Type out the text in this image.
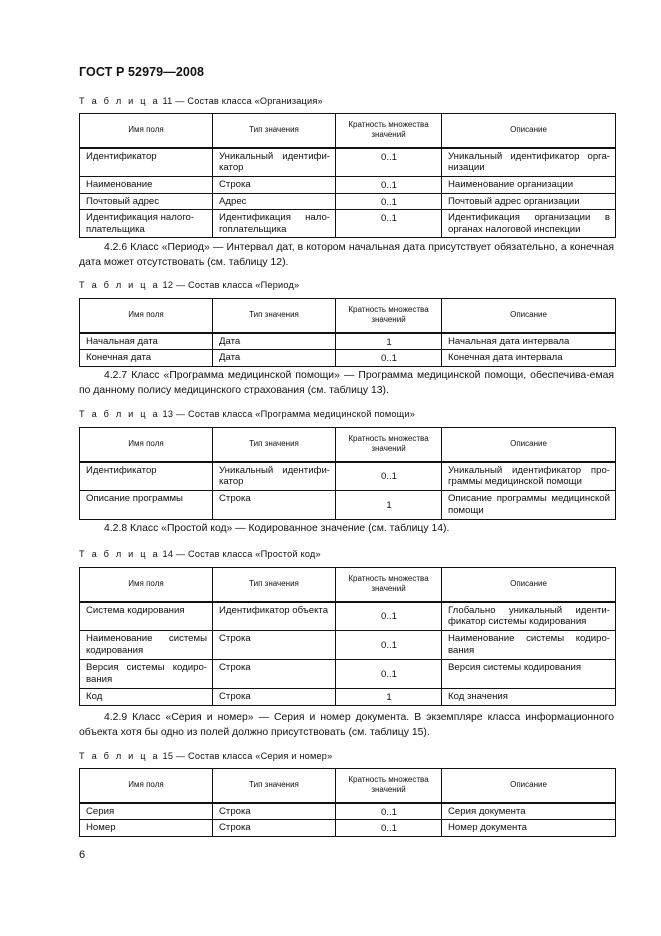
ГОСТ Р 52979—2008
Т а б л и ц а 11 — Состав класса «Организация»
Имя поля	Тип значения	Кратность множества значений	Описание
Идентификатор	Уникальный идентифи-катор	0..1	Уникальный идентификатор орга-низации
Наименование	Строка	0..1	Наименование организации
Почтовый адрес	Адрес	0..1	Почтовый адрес организации
Идентификация налого-плательщика	Идентификация нало-гоплательщика	0..1	Идентификация организации в органах налоговой инспекции

4.2.6 Класс «Период» — Интервал дат, в котором начальная дата присутствует обязательно, а конечная дата может отсутствовать (см. таблицу 12).

Т а б л и ц а 12 — Состав класса «Период»
Имя поля	Тип значения	Кратность множества значений	Описание
Начальная дата	Дата	1	Начальная дата интервала
Конечная дата	Дата	0..1	Конечная дата интервала

4.2.7 Класс «Программа медицинской помощи» — Программа медицинской помощи, обеспечива-емая по данному полису медицинского страхования (см. таблицу 13).

Т а б л и ц а 13 — Состав класса «Программа медицинской помощи»
Имя поля	Тип значения	Кратность множества значений	Описание
Идентификатор	Уникальный идентифи-катор	0..1	Уникальный идентификатор про-граммы медицинской помощи
Описание программы	Строка	1	Описание программы медицинской помощи

4.2.8 Класс «Простой код» — Кодированное значение (см. таблицу 14).

Т а б л и ц а 14 — Состав класса «Простой код»
Имя поля	Тип значения	Кратность множества значений	Описание
Система кодирования	Идентификатор объекта	0..1	Глобально уникальный иденти-фикатор системы кодирования
Наименование системы кодирования	Строка	0..1	Наименование системы кодиро-вания
Версия системы кодиро-вания	Строка	0..1	Версия системы кодирования
Код	Строка	1	Код значения

4.2.9 Класс «Серия и номер» — Серия и номер документа. В экземпляре класса информационного объекта хотя бы одно из полей должно присутствовать (см. таблицу 15).

Т а б л и ц а 15 — Состав класса «Серия и номер»
Имя поля	Тип значения	Кратность множества значений	Описание
Серия	Строка	0..1	Серия документа
Номер	Строка	0..1	Номер документа
6
